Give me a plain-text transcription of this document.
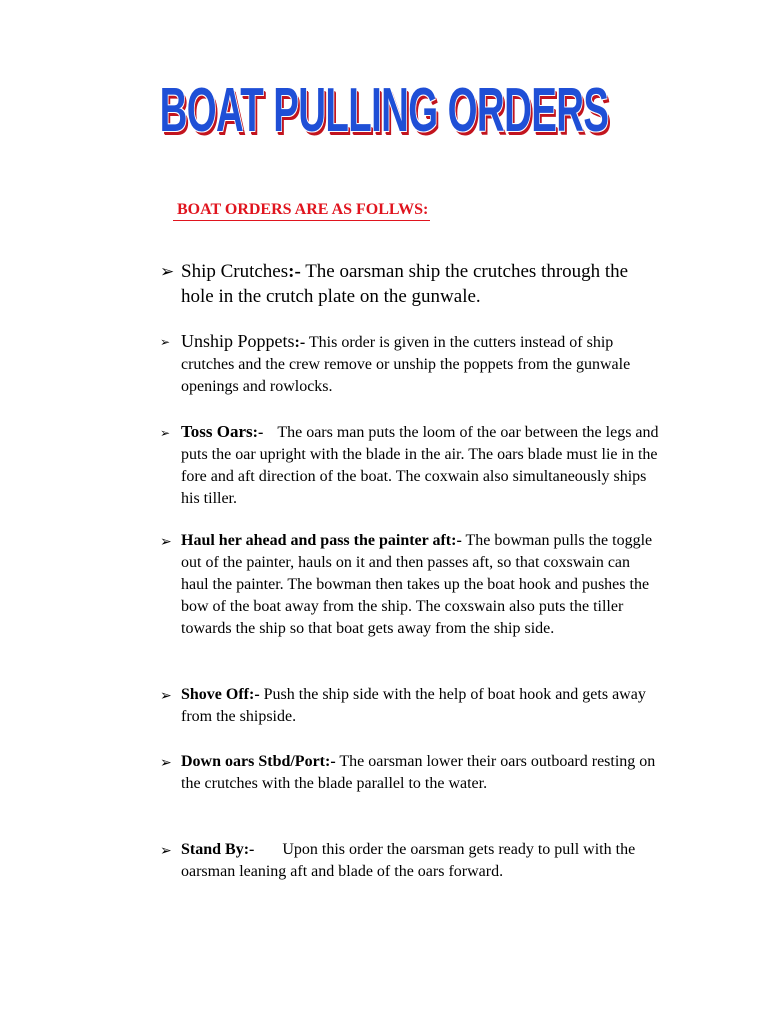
BOAT PULLING ORDERS
BOAT ORDERS ARE AS FOLLWS:
➢ Ship Crutches:- The oarsman ship the crutches through the hole in the crutch plate on the gunwale.
➢ Unship Poppets:- This order is given in the cutters instead of ship crutches and the crew remove or unship the poppets from the gunwale openings and rowlocks.
➢ Toss Oars:- The oars man puts the loom of the oar between the legs and puts the oar upright with the blade in the air. The oars blade must lie in the fore and aft direction of the boat. The coxwain also simultaneously ships his tiller.
➢ Haul her ahead and pass the painter aft:- The bowman pulls the toggle out of the painter, hauls on it and then passes aft, so that coxswain can haul the painter. The bowman then takes up the boat hook and pushes the bow of the boat away from the ship. The coxswain also puts the tiller towards the ship so that boat gets away from the ship side.
➢ Shove Off:- Push the ship side with the help of boat hook and gets away from the shipside.
➢ Down oars Stbd/Port:- The oarsman lower their oars outboard resting on the crutches with the blade parallel to the water.
➢ Stand By:- Upon this order the oarsman gets ready to pull with the oarsman leaning aft and blade of the oars forward.
